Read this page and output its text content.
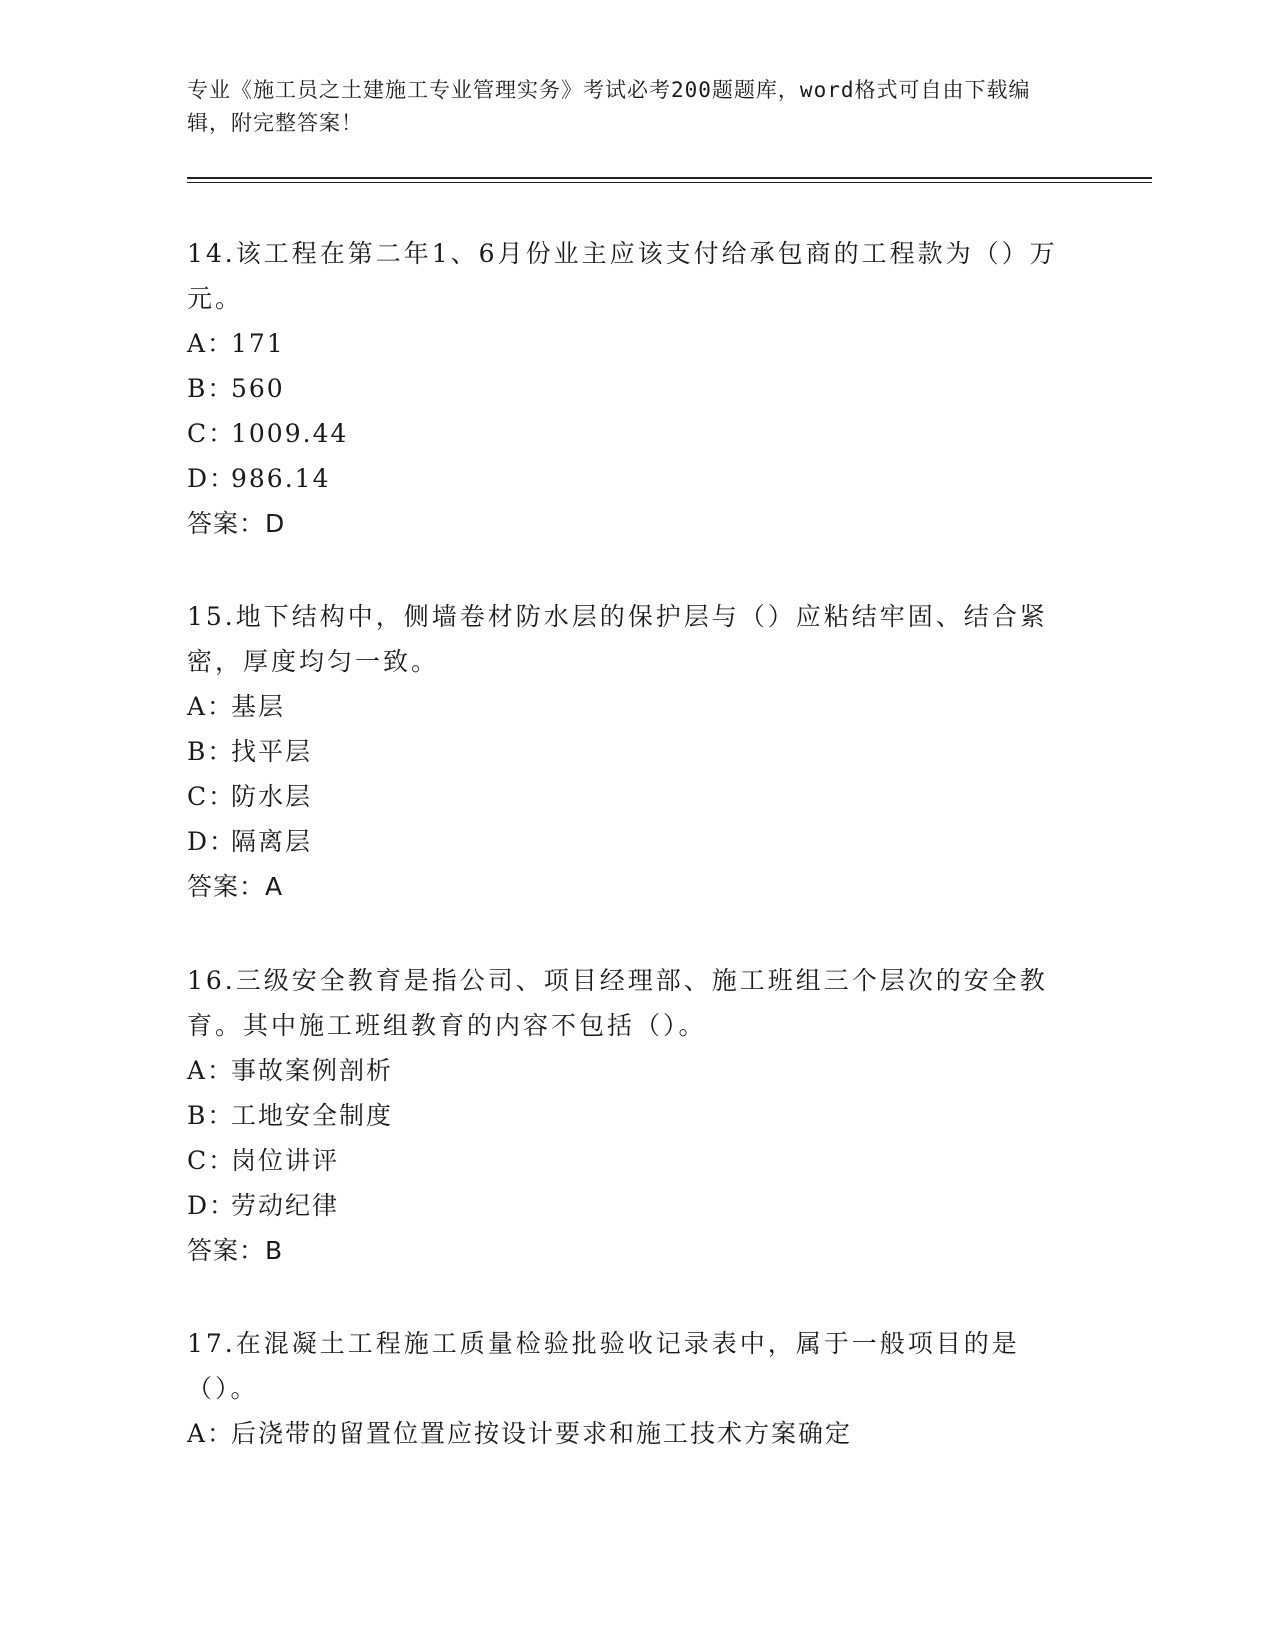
专业《施工员之土建施工专业管理实务》考试必考200题题库，word格式可自由下载编辑，附完整答案！

14.该工程在第二年1、6月份业主应该支付给承包商的工程款为（）万元。

A：171

B：560

C：1009.44

D：986.14

答案：D

15.地下结构中，侧墙卷材防水层的保护层与（）应粘结牢固、结合紧密，厚度均匀一致。

A：基层

B：找平层

C：防水层

D：隔离层

答案：A

16.三级安全教育是指公司、项目经理部、施工班组三个层次的安全教育。其中施工班组教育的内容不包括（）。

A：事故案例剖析

B：工地安全制度

C：岗位讲评

D：劳动纪律

答案：B

17.在混凝土工程施工质量检验批验收记录表中，属于一般项目的是（）。

A：后浇带的留置位置应按设计要求和施工技术方案确定
